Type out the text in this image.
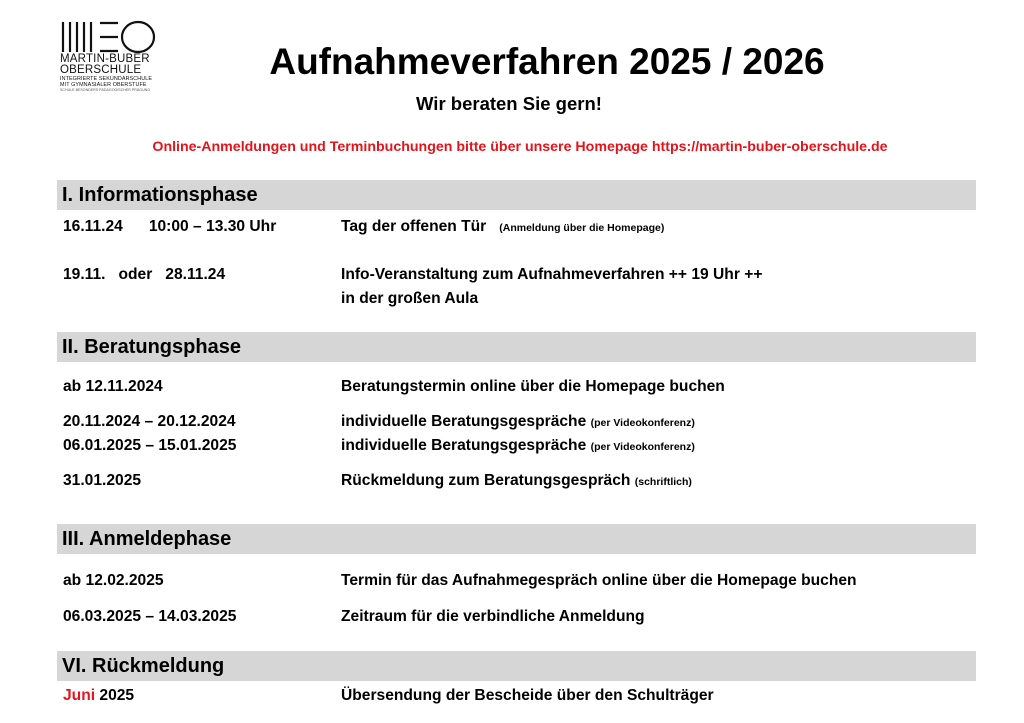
MARTIN-BUBER
OBERSCHULE
INTEGRIERTE SEKUNDARSCHULE
MIT GYMNASIALER OBERSTUFE
SCHULE BESONDERS PÄDAGOGISCHER PRÄGUNG
Aufnahmeverfahren 2025 / 2026
Wir beraten Sie gern!
Online-Anmeldungen und Terminbuchungen bitte über unsere Homepage https://martin-buber-oberschule.de
I. Informationsphase
16.11.24      10:00 – 13.30 Uhr	Tag der offenen Tür (Anmeldung über die Homepage)
19.11.   oder   28.11.24	Info-Veranstaltung zum Aufnahmeverfahren ++ 19 Uhr ++
in der großen Aula
II. Beratungsphase
ab 12.11.2024	Beratungstermin online über die Homepage buchen
20.11.2024 – 20.12.2024	individuelle Beratungsgespräche (per Videokonferenz)
06.01.2025 – 15.01.2025	individuelle Beratungsgespräche (per Videokonferenz)
31.01.2025	Rückmeldung zum Beratungsgespräch (schriftlich)
III. Anmeldephase
ab 12.02.2025	Termin für das Aufnahmegespräch online über die Homepage buchen
06.03.2025 – 14.03.2025	Zeitraum für die verbindliche Anmeldung
VI. Rückmeldung
Juni 2025	Übersendung der Bescheide über den Schulträger
